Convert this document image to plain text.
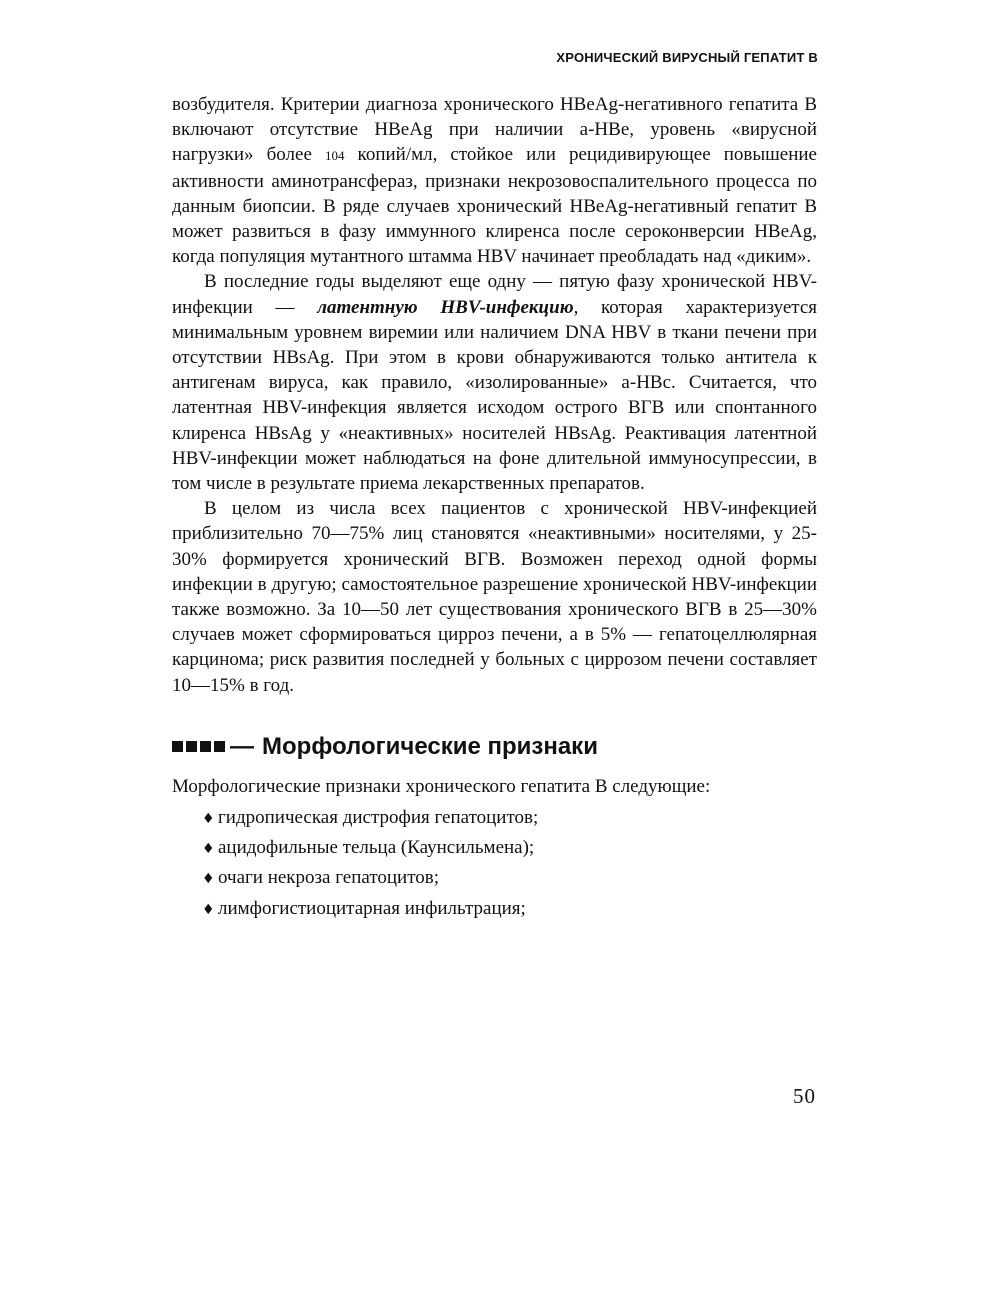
ХРОНИЧЕСКИЙ ВИРУСНЫЙ ГЕПАТИТ В

возбудителя. Критерии диагноза хронического HBeAg-негативного гепатита В включают отсутствие HBeAg при наличии a-HBe, уровень «вирусной нагрузки» более 104 копий/мл, стойкое или рецидивирующее повышение активности аминотрансфераз, признаки некрозовоспалительного процесса по данным биопсии. В ряде случаев хронический HBeAg-негативный гепатит В может развиться в фазу иммунного клиренса после сероконверсии HBeAg, когда популяция мутантного штамма HBV начинает преобладать над «диким».

В последние годы выделяют еще одну — пятую фазу хронической HBV-инфекции — латентную HBV-инфекцию, которая характеризуется минимальным уровнем виремии или наличием DNA HBV в ткани печени при отсутствии HBsAg. При этом в крови обнаруживаются только антитела к антигенам вируса, как правило, «изолированные» a-HBc. Считается, что латентная HBV-инфекция является исходом острого ВГВ или спонтанного клиренса HBsAg у «неактивных» носителей HBsAg. Реактивация латентной HBV-инфекции может наблюдаться на фоне длительной иммуносупрессии, в том числе в результате приема лекарственных препаратов.

В целом из числа всех пациентов с хронической HBV-инфекцией приблизительно 70—75% лиц становятся «неактивными» носителями, у 25-30% формируется хронический ВГВ. Возможен переход одной формы инфекции в другую; самостоятельное разрешение хронической HBV-инфекции также возможно. За 10—50 лет существования хронического ВГВ в 25—30% случаев может сформироваться цирроз печени, а в 5% — гепатоцеллюлярная карцинома; риск развития последней у больных с циррозом печени составляет 10—15% в год.

— Морфологические признаки

Морфологические признаки хронического гепатита В следующие:

♦ гидропическая дистрофия гепатоцитов;
♦ ацидофильные тельца (Каунсильмена);
♦ очаги некроза гепатоцитов;
♦ лимфогистиоцитарная инфильтрация;
50
